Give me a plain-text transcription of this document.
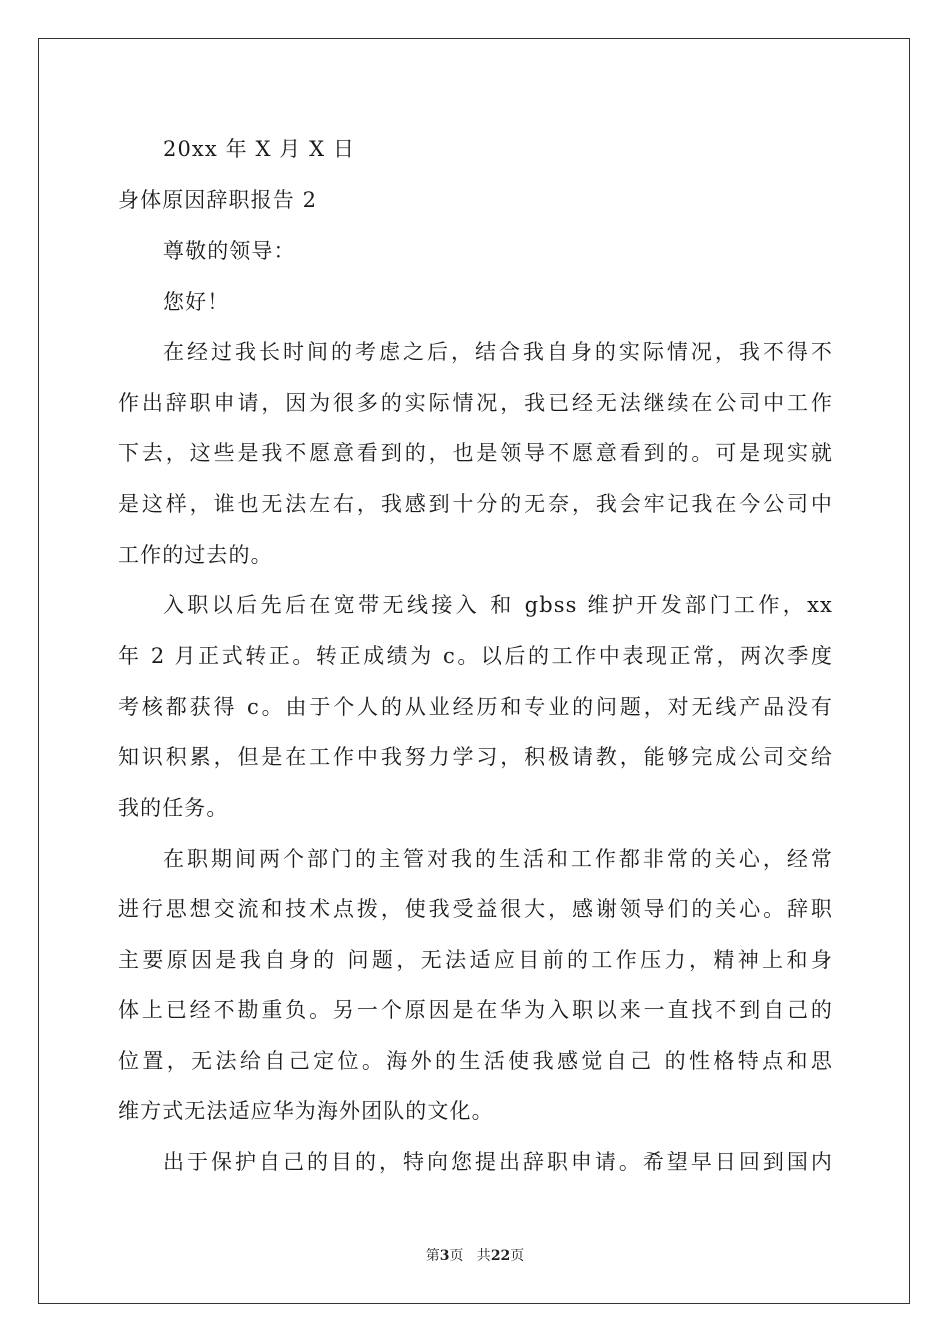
20xx 年 X 月 X 日
身体原因辞职报告 2
尊敬的领导：
您好！
在经过我长时间的考虑之后，结合我自身的实际情况，我不得不
作出辞职申请，因为很多的实际情况，我已经无法继续在公司中工作
下去，这些是我不愿意看到的，也是领导不愿意看到的。可是现实就
是这样，谁也无法左右，我感到十分的无奈，我会牢记我在今公司中
工作的过去的。
入职以后先后在宽带无线接入 和 gbss 维护开发部门工作，xx
年 2 月正式转正。转正成绩为 c。以后的工作中表现正常，两次季度
考核都获得 c。由于个人的从业经历和专业的问题，对无线产品没有
知识积累，但是在工作中我努力学习，积极请教，能够完成公司交给
我的任务。
在职期间两个部门的主管对我的生活和工作都非常的关心，经常
进行思想交流和技术点拨，使我受益很大，感谢领导们的关心。辞职
主要原因是我自身的 问题，无法适应目前的工作压力，精神上和身
体上已经不勘重负。另一个原因是在华为入职以来一直找不到自己的
位置，无法给自己定位。海外的生活使我感觉自己 的性格特点和思
维方式无法适应华为海外团队的文化。
出于保护自己的目的，特向您提出辞职申请。希望早日回到国内
第3页   共22页
